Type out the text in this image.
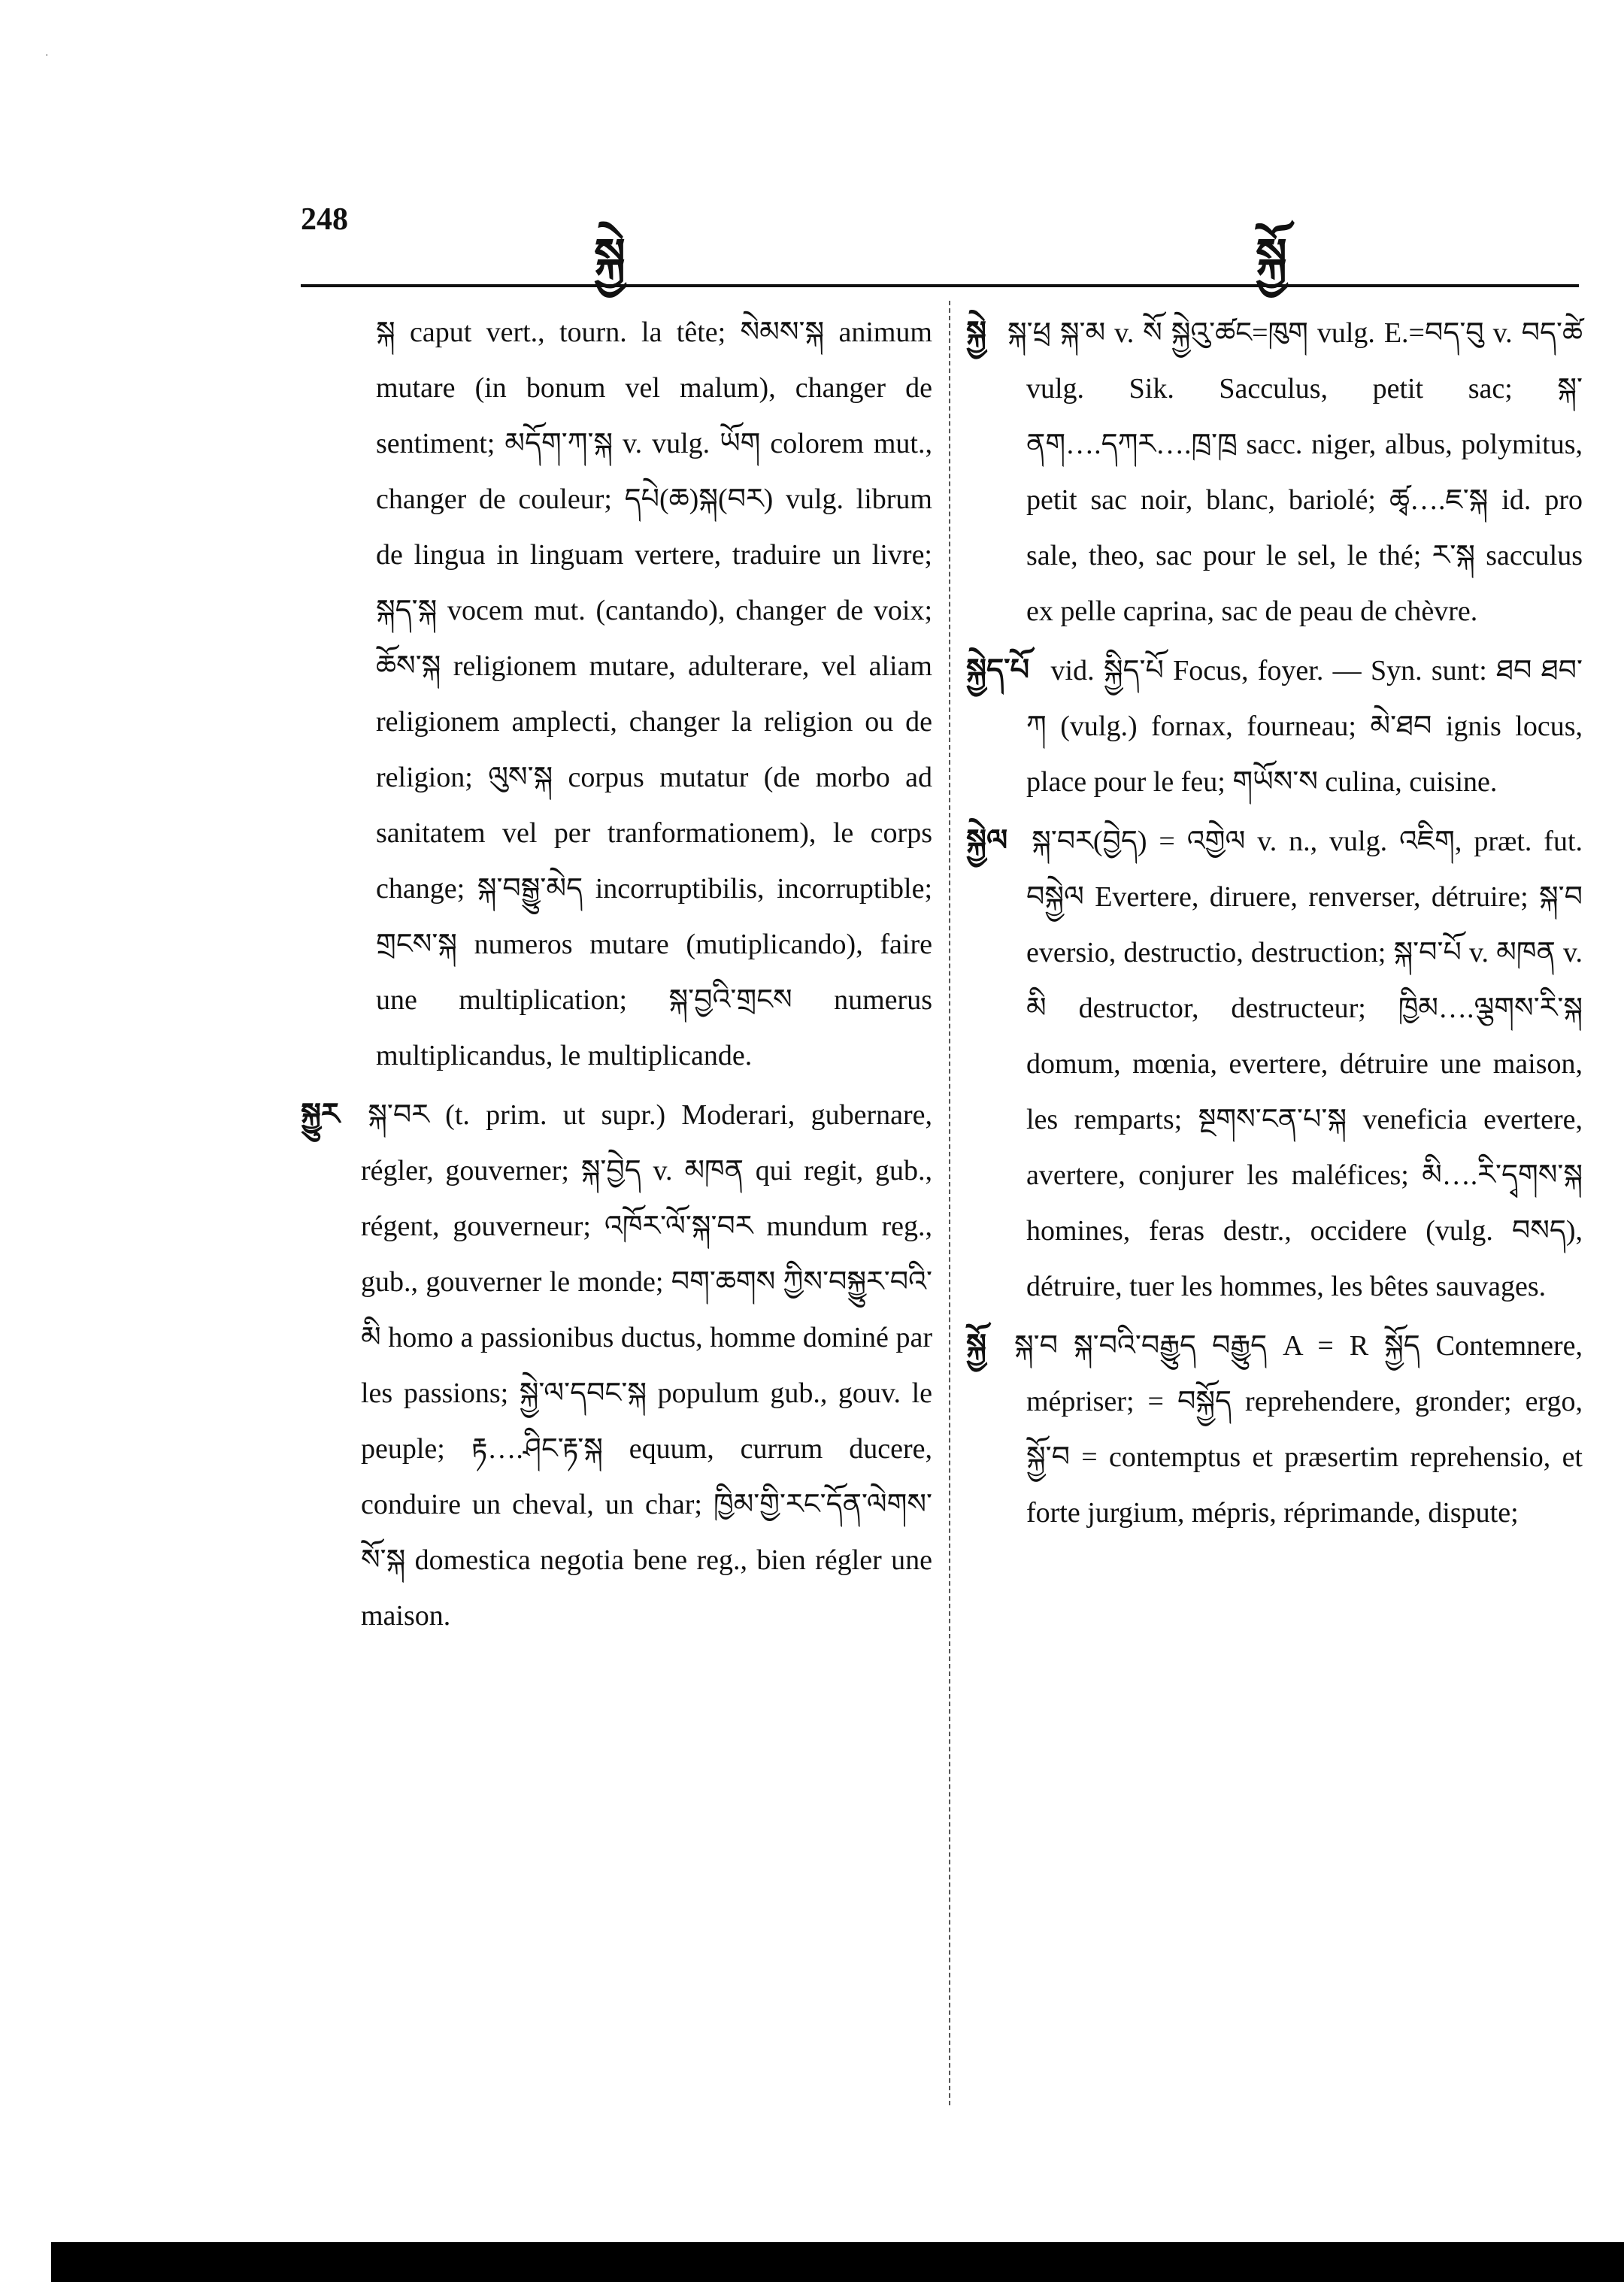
·
248
སྐྱེ	སྐྱོ

སྐ caput vert., tourn. la tête; སེམས་སྐ animum mutare (in bonum vel malum), changer de sentiment; མདོག་ཀ་སྐ v. vulg. ཡོག colorem mut., changer de couleur; དཔེ(ཆ)སྐ(བར) vulg. librum de lingua in linguam vertere, traduire un livre; སྐད་སྐ vocem mut. (cantando), changer de voix; ཆོས་སྐ religionem mutare, adulterare, vel aliam religionem amplecti, changer la religion ou de religion; ལུས་སྐ corpus mutatur (de morbo ad sanitatem vel per tranformationem), le corps change; སྐ་བསྒྱུ་མེད incorruptibilis, incorruptible; གྲངས་སྐ numeros mutare (mutiplicando), faire une multiplication; སྐ་བྱའི་གྲངས numerus multiplicandus, le multiplicande.

སྐྱུར སྐ་བར (t. prim. ut supr.) Moderari, gubernare, régler, gouverner; སྐ་བྱེད v. མཁན qui regit, gub., régent, gouverneur; འཁོར་ལོ་སྐ་བར mundum reg., gub., gouverner le monde; བག་ཆགས ཀྱིས་བསྐྱུར་བའི་མི homo a passionibus ductus, homme dominé par les passions; སྐྱེ་ལ་དབང་སྐ populum gub., gouv. le peuple; རྟ….ཤིང་རྟ་སྐ equum, currum ducere, conduire un cheval, un char; ཁྱིམ་གྱི་རང་དོན་ལེགས་སོ་སྐ domestica negotia bene reg., bien régler une maison.

སྐྱེ སྐ་ཕྲ སྐ་མ v. སོ སྐྱེའུ་ཚང=ཁུག vulg. E.=བད་བུ v. བད་ཚེ vulg. Sik. Sacculus, petit sac; སྐ་ནག….དཀར….ཁྲ་ཁྲ sacc. niger, albus, polymitus, petit sac noir, blanc, bariolé; ཚྭ….ཇ་སྐ id. pro sale, theo, sac pour le sel, le thé; ར་སྐ sacculus ex pelle caprina, sac de peau de chèvre.

སྐྱེད་པོ vid. སྐྱིད་པོ Focus, foyer. — Syn. sunt: ཐབ ཐབ་ཀ (vulg.) fornax, fourneau; མེ་ཐབ ignis locus, place pour le feu; གཡོས་ས culina, cuisine.

སྐྱེལ སྐ་བར(བྱེད) = འགྱེལ v. n., vulg. འཇིག, præt. fut. བསྐྱེལ Evertere, diruere, renverser, détruire; སྐ་བ eversio, destructio, destruction; སྐ་བ་པོ v. མཁན v. མི destructor, destructeur; ཁྱིམ….ལྕགས་རི་སྐ domum, mœnia, evertere, détruire une maison, les remparts; སྔགས་ངན་པ་སྐ veneficia evertere, avertere, conjurer les maléfices; མི….རི་དྭགས་སྐ homines, feras destr., occidere (vulg. བསད), détruire, tuer les hommes, les bêtes sauvages.

སྐྱོ སྐ་བ སྐ་བའི་བརྒྱུད བརྒྱུད A = R སྐྱོད Contemnere, mépriser; = བསྐྱོད reprehendere, gronder; ergo, སྐྱོ་བ = contemptus et præsertim reprehensio, et forte jurgium, mépris, réprimande, dispute;
